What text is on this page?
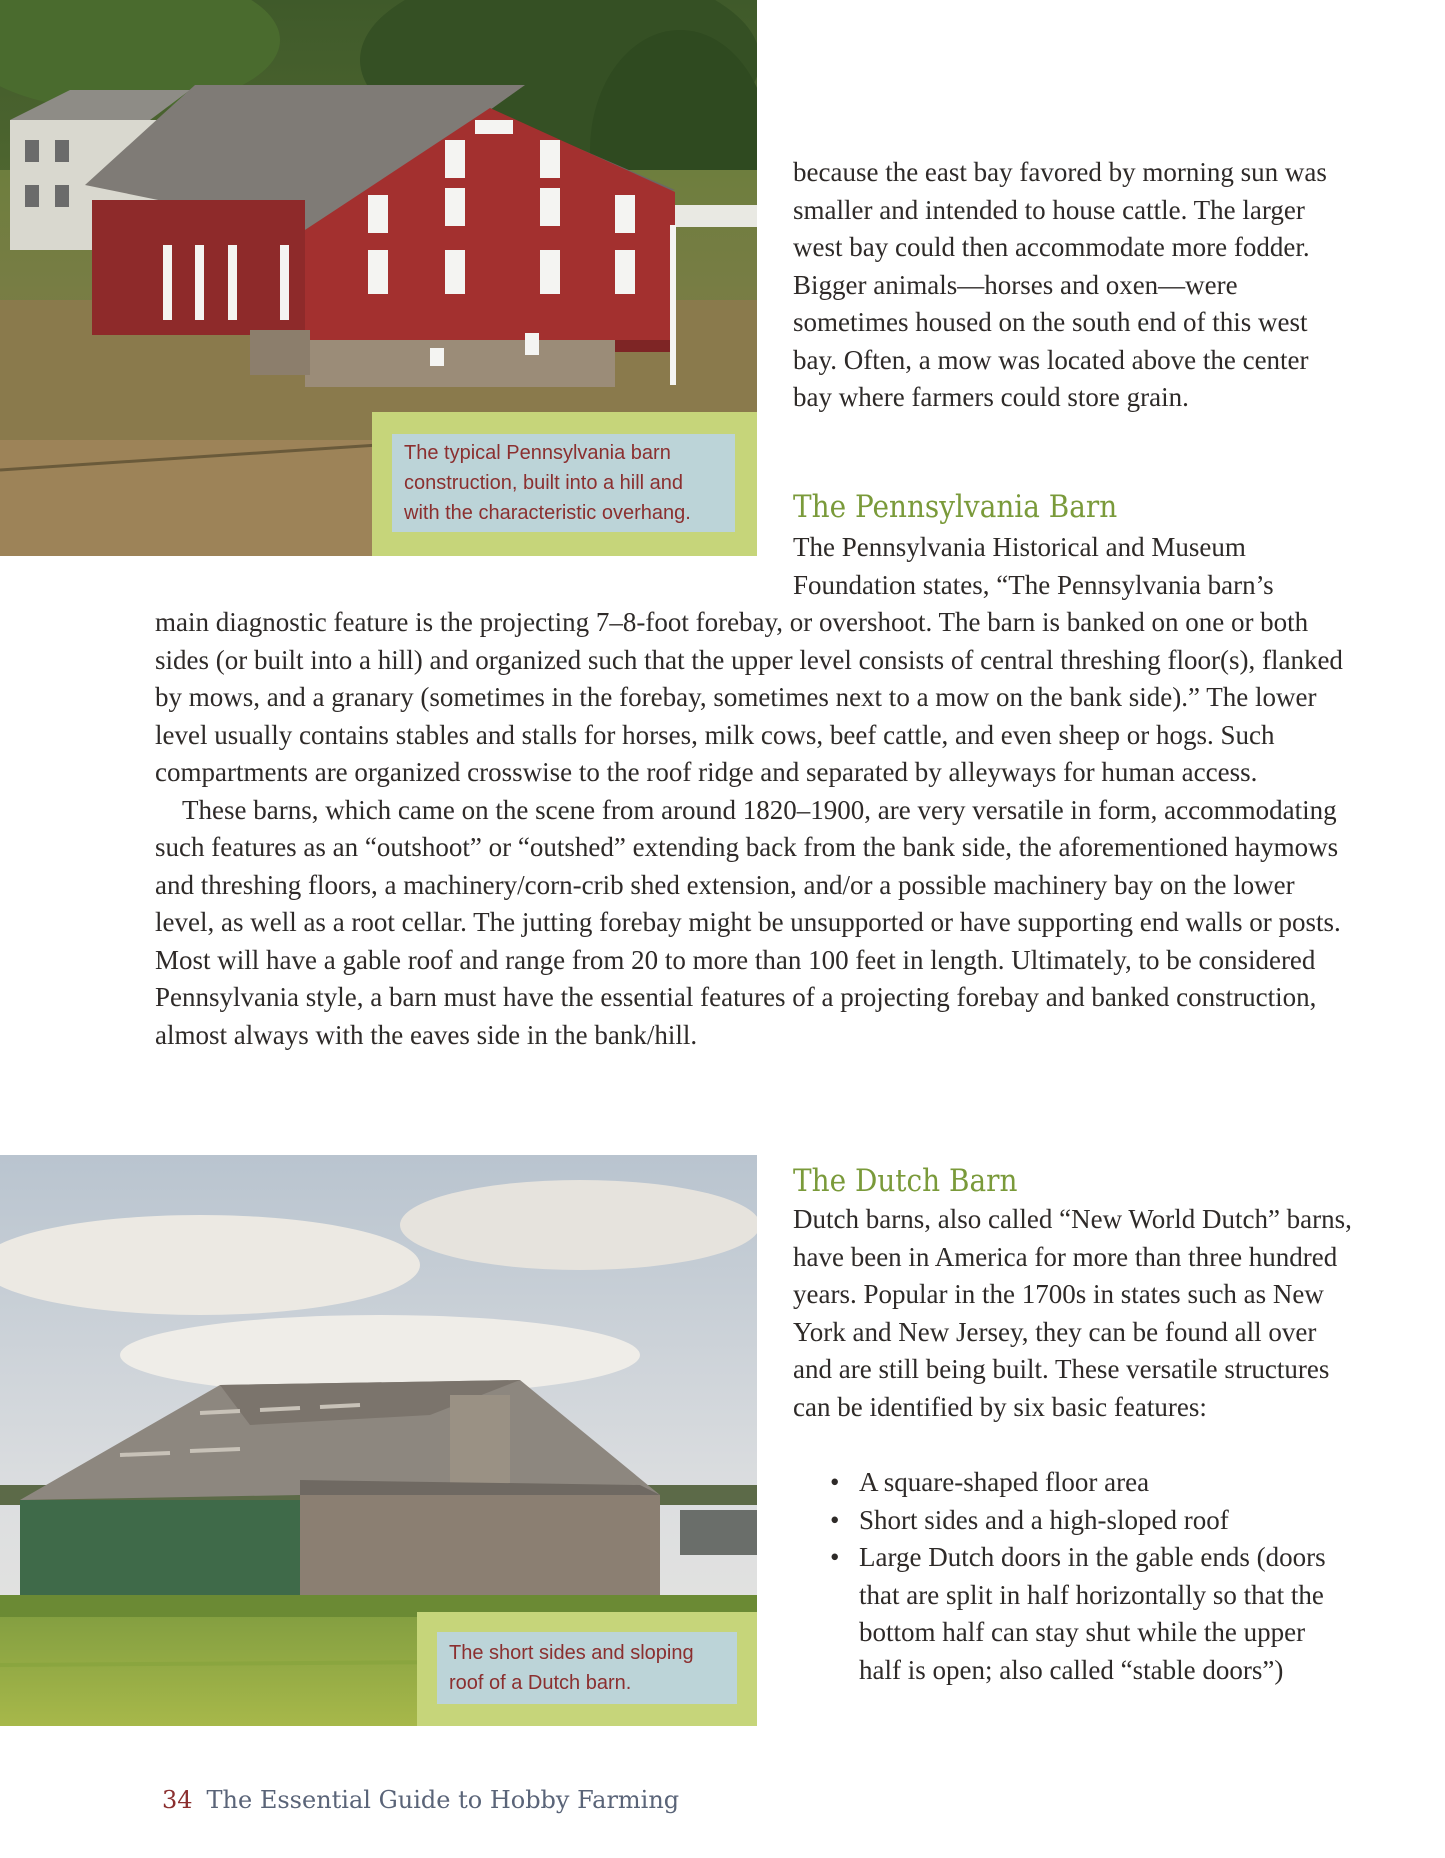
The typical Pennsylvania barn construction, built into a hill and with the characteristic overhang.

because the east bay favored by morning sun was smaller and intended to house cattle. The larger west bay could then accommodate more fodder. Bigger animals—horses and oxen—were sometimes housed on the south end of this west bay. Often, a mow was located above the center bay where farmers could store grain.

The Pennsylvania Barn

The Pennsylvania Historical and Museum Foundation states, “The Pennsylvania barn’s

main diagnostic feature is the projecting 7–8-foot forebay, or overshoot. The barn is banked on one or both sides (or built into a hill) and organized such that the upper level consists of central threshing floor(s), flanked by mows, and a granary (sometimes in the forebay, sometimes next to a mow on the bank side).” The lower level usually contains stables and stalls for horses, milk cows, beef cattle, and even sheep or hogs. Such compartments are organized crosswise to the roof ridge and separated by alleyways for human access.

These barns, which came on the scene from around 1820–1900, are very versatile in form, accommodating such features as an “outshoot” or “outshed” extending back from the bank side, the aforementioned haymows and threshing floors, a machinery/corn-crib shed extension, and/or a possible machinery bay on the lower level, as well as a root cellar. The jutting forebay might be unsupported or have supporting end walls or posts. Most will have a gable roof and range from 20 to more than 100 feet in length. Ultimately, to be considered Pennsylvania style, a barn must have the essential features of a projecting forebay and banked construction, almost always with the eaves side in the bank/hill.

The short sides and sloping roof of a Dutch barn.
The Dutch Barn

Dutch barns, also called “New World Dutch” barns, have been in America for more than three hundred years. Popular in the 1700s in states such as New York and New Jersey, they can be found all over and are still being built. These versatile structures can be identified by six basic features:

• A square-shaped floor area
• Short sides and a high-sloped roof
• Large Dutch doors in the gable ends (doors that are split in half horizontally so that the bottom half can stay shut while the upper half is open; also called “stable doors”)
34 The Essential Guide to Hobby Farming
